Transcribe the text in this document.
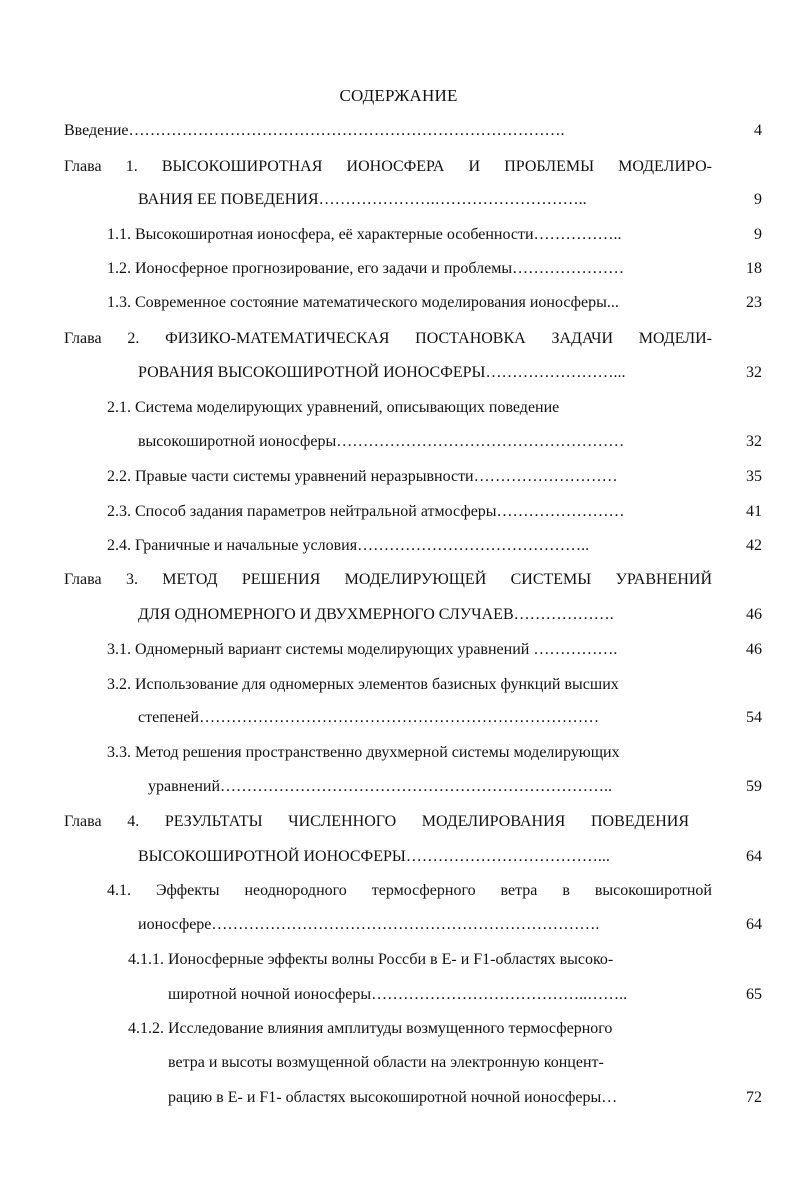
СОДЕРЖАНИЕ
Введение……………………………………………………………………….	4
Глава 1. ВЫСОКОШИРОТНАЯ ИОНОСФЕРА И ПРОБЛЕМЫ МОДЕЛИРО-
ВАНИЯ ЕЕ ПОВЕДЕНИЯ………………….………………………..	9
1.1. Высокоширотная ионосфера, её характерные особенности……………..	9
1.2. Ионосферное прогнозирование, его задачи и проблемы…………………	18
1.3. Современное состояние математического моделирования ионосферы...	23
Глава 2. ФИЗИКО-МАТЕМАТИЧЕСКАЯ ПОСТАНОВКА ЗАДАЧИ МОДЕЛИ-
РОВАНИЯ ВЫСОКОШИРОТНОЙ ИОНОСФЕРЫ……………………...	32
2.1. Система моделирующих уравнений, описывающих поведение
высокоширотной ионосферы………………………………………………	32
2.2. Правые части системы уравнений неразрывности………………………	35
2.3. Способ задания параметров нейтральной атмосферы……………………	41
2.4. Граничные и начальные условия……………………………………..	42
Глава 3. МЕТОД РЕШЕНИЯ МОДЕЛИРУЮЩЕЙ СИСТЕМЫ УРАВНЕНИЙ
ДЛЯ ОДНОМЕРНОГО И ДВУХМЕРНОГО СЛУЧАЕВ……………….	46
3.1. Одномерный вариант системы моделирующих уравнений …………….	46
3.2. Использование для одномерных элементов базисных функций высших
степеней…………………………………………………………………	54
3.3. Метод решения пространственно двухмерной системы моделирующих
уравнений………………………………………………………………..	59
Глава 4. РЕЗУЛЬТАТЫ ЧИСЛЕННОГО МОДЕЛИРОВАНИЯ ПОВЕДЕНИЯ
ВЫСОКОШИРОТНОЙ ИОНОСФЕРЫ………………………………...	64
4.1. Эффекты неоднородного термосферного ветра в высокоширотной
ионосфере……………………………………………………………….	64
4.1.1. Ионосферные эффекты волны Россби в Е- и F1-областях высоко-
широтной ночной ионосферы…………………………………..……..	65
4.1.2. Исследование влияния амплитуды возмущенного термосферного
ветра и высоты возмущенной области на электронную концент-
рацию в Е- и F1- областях высокоширотной ночной ионосферы…	72
